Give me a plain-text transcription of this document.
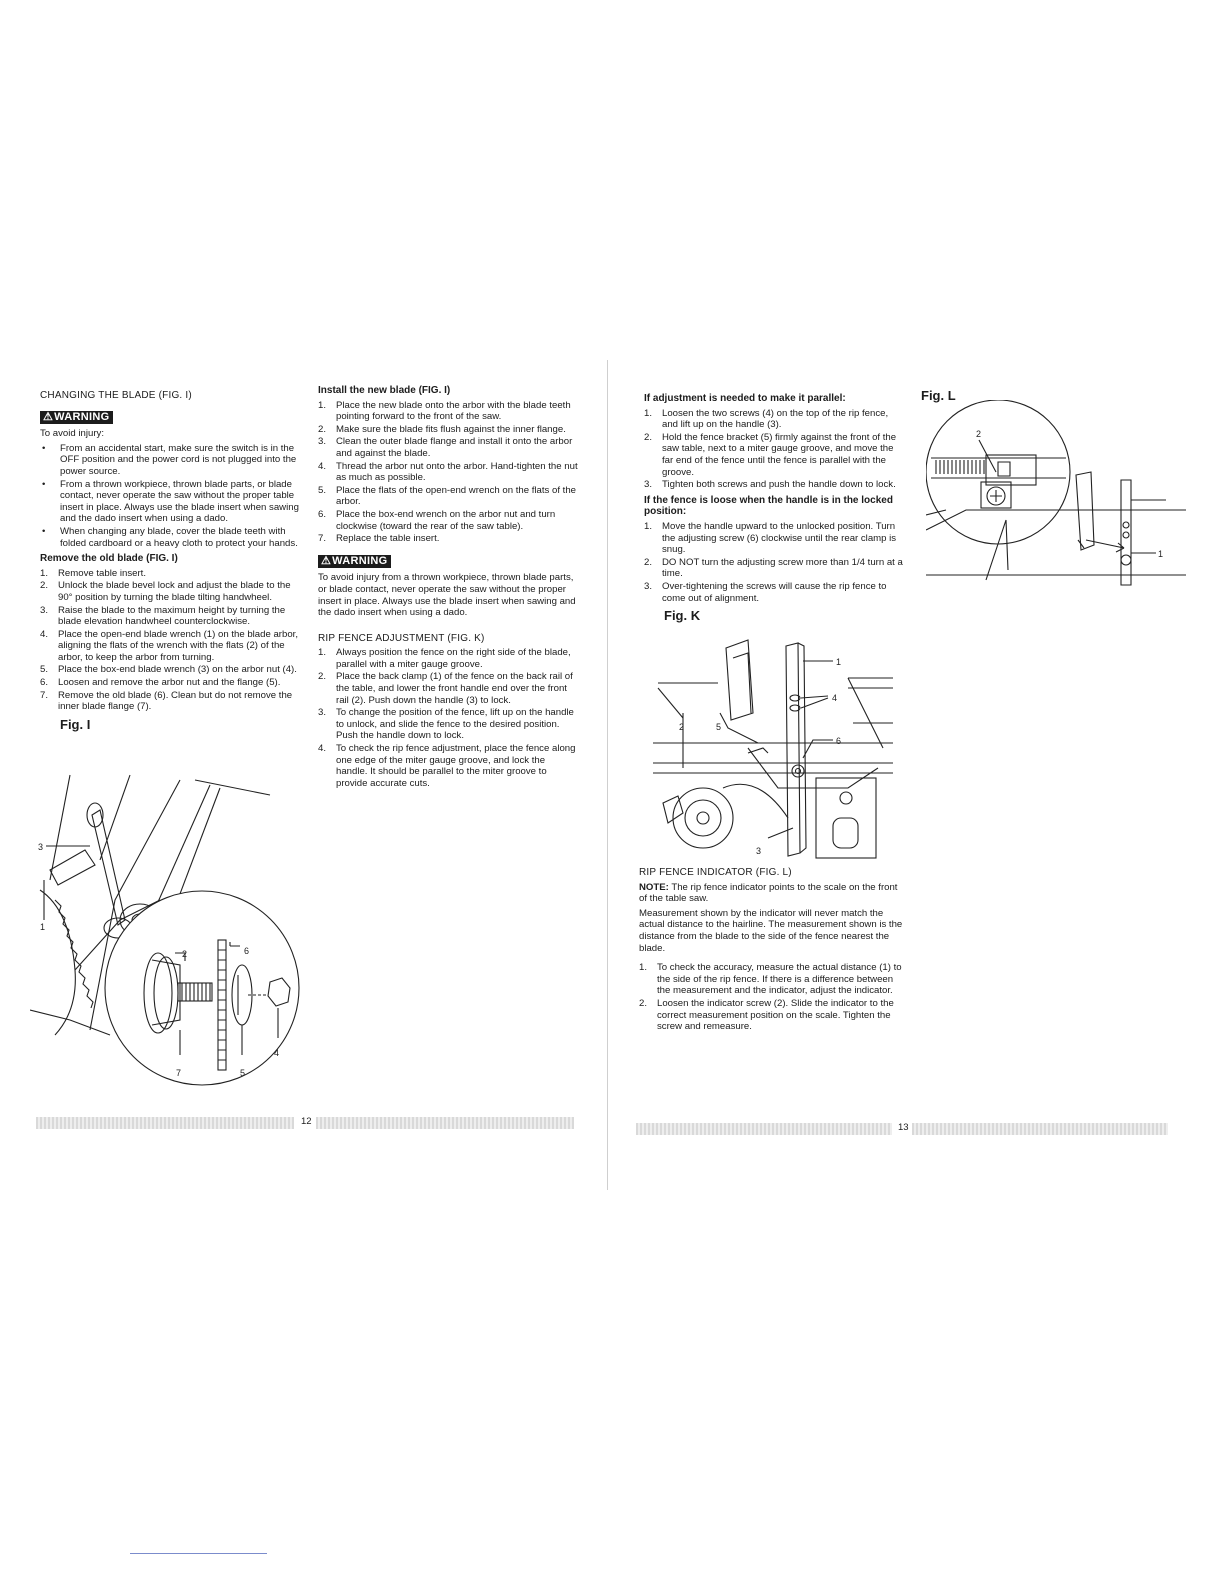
CHANGING THE BLADE (FIG. I)
⚠WARNING

To avoid injury:

• From an accidental start, make sure the switch is in the OFF position and the power cord is not plugged into the power source.
• From a thrown workpiece, thrown blade parts, or blade contact, never operate the saw without the proper table insert in place. Always use the blade insert when sawing and the dado insert when using a dado.
• When changing any blade, cover the blade teeth with folded cardboard or a heavy cloth to protect your hands.
Remove the old blade (FIG. I)
1. Remove table insert.
2. Unlock the blade bevel lock and adjust the blade to the 90° position by turning the blade tilting handwheel.
3. Raise the blade to the maximum height by turning the blade elevation handwheel counterclockwise.
4. Place the open-end blade wrench (1) on the blade arbor, aligning the flats of the wrench with the flats (2) of the arbor, to keep the arbor from turning.
5. Place the box-end blade wrench (3) on the arbor nut (4).
6. Loosen and remove the arbor nut and the flange (5).
7. Remove the old blade (6). Clean but do not remove the inner blade flange (7).
Fig. I
3
1
2	6
4
7	5
Install the new blade (FIG. I)
1. Place the new blade onto the arbor with the blade teeth pointing forward to the front of the saw.
2. Make sure the blade fits flush against the inner flange.
3. Clean the outer blade flange and install it onto the arbor and against the blade.
4. Thread the arbor nut onto the arbor. Hand-tighten the nut as much as possible.
5. Place the flats of the open-end wrench on the flats of the arbor.
6. Place the box-end wrench on the arbor nut and turn clockwise (toward the rear of the saw table).
7. Replace the table insert.
⚠WARNING

To avoid injury from a thrown workpiece, thrown blade parts, or blade contact, never operate the saw without the proper insert in place. Always use the blade insert when sawing and the dado insert when using a dado.

RIP FENCE ADJUSTMENT (FIG. K)
1. Always position the fence on the right side of the blade, parallel with a miter gauge groove.
2. Place the back clamp (1) of the fence on the back rail of the table, and lower the front handle end over the front rail (2). Push down the handle (3) to lock.
3. To change the position of the fence, lift up on the handle to unlock, and slide the fence to the desired position. Push the handle down to lock.
4. To check the rip fence adjustment, place the fence along one edge of the miter gauge groove, and lock the handle. It should be parallel to the miter groove to provide accurate cuts.
12
If adjustment is needed to make it parallel:
1. Loosen the two screws (4) on the top of the rip fence, and lift up on the handle (3).
2. Hold the fence bracket (5) firmly against the front of the saw table, next to a miter gauge groove, and move the far end of the fence until the fence is parallel with the groove.
3. Tighten both screws and push the handle down to lock.
If the fence is loose when the handle is in the locked position:
1. Move the handle upward to the unlocked position. Turn the adjusting screw (6) clockwise until the rear clamp is snug.
2. DO NOT turn the adjusting screw more than 1/4 turn at a time.
3. Over-tightening the screws will cause the rip fence to come out of alignment.
Fig. K
1
4
2	5
6
3
RIP FENCE INDICATOR (FIG. L)

NOTE: The rip fence indicator points to the scale on the front of the table saw.

Measurement shown by the indicator will never match the actual distance to the hairline. The measurement shown is the distance from the blade to the side of the fence nearest the blade.

1. To check the accuracy, measure the actual distance (1) to the side of the rip fence. If there is a difference between the measurement and the indicator, adjust the indicator.
2. Loosen the indicator screw (2). Slide the indicator to the correct measurement position on the scale. Tighten the screw and remeasure.
Fig. L
2
1
13
